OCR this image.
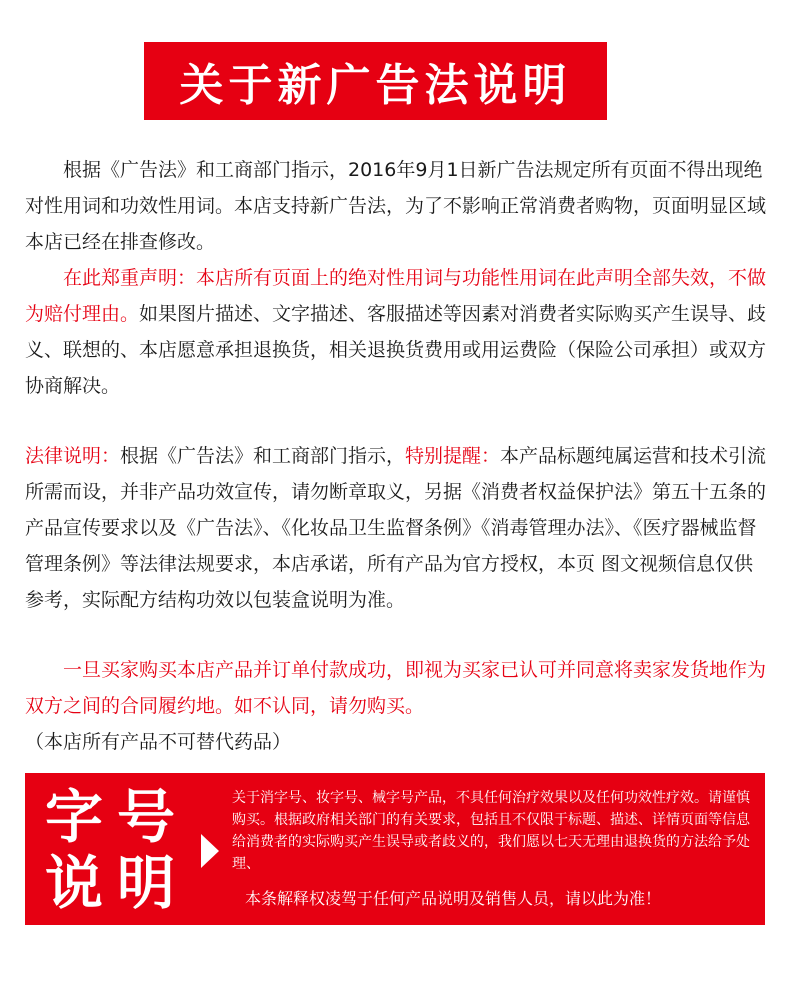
关于新广告法说明

根据《广告法》和工商部门指示，2016年9月1日新广告法规定所有页面不得出现绝对性用词和功效性用词。本店支持新广告法，为了不影响正常消费者购物，页面明显区域本店已经在排查修改。

在此郑重声明：本店所有页面上的绝对性用词与功能性用词在此声明全部失效，不做为赔付理由。如果图片描述、文字描述、客服描述等因素对消费者实际购买产生误导、歧义、联想的、本店愿意承担退换货，相关退换货费用或用运费险（保险公司承担）或双方协商解决。

法律说明：根据《广告法》和工商部门指示，特别提醒：本产品标题纯属运营和技术引流所需而设，并非产品功效宣传，请勿断章取义，另据《消费者权益保护法》第五十五条的产品宣传要求以及《广告法》、《化妆品卫生监督条例》《消毒管理办法》、《医疗器械监督管理条例》等法律法规要求，本店承诺，所有产品为官方授权，本页 图文视频信息仅供参考，实际配方结构功效以包装盒说明为准。

一旦买家购买本店产品并订单付款成功，即视为买家已认可并同意将卖家发货地作为双方之间的合同履约地。如不认同，请勿购买。

（本店所有产品不可替代药品）

字号
说明
关于消字号、妆字号、械字号产品，不具任何治疗效果以及任何功效性疗效。请谨慎购买。根据政府相关部门的有关要求，包括且不仅限于标题、描述、详情页面等信息给消费者的实际购买产生误导或者歧义的，我们愿以七天无理由退换货的方法给予处理、
本条解释权凌驾于任何产品说明及销售人员，请以此为准！
